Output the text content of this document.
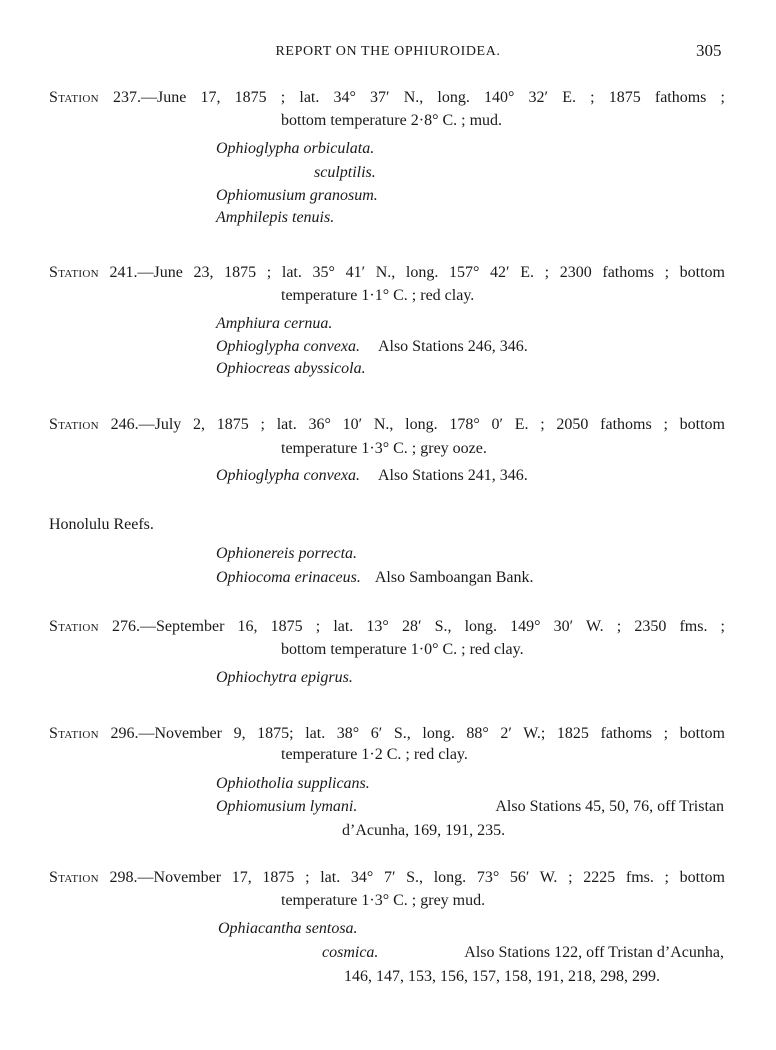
REPORT ON THE OPHIUROIDEA.	305
Station 237.—June 17, 1875 ; lat. 34° 37′ N., long. 140° 32′ E. ; 1875 fathoms ;
bottom temperature 2·8° C. ; mud.
Ophioglypha orbiculata.
sculptilis.
Ophiomusium granosum.
Amphilepis tenuis.
Station 241.—June 23, 1875 ; lat. 35° 41′ N., long. 157° 42′ E. ; 2300 fathoms ; bottom
temperature 1·1° C. ; red clay.
Amphiura cernua.
Ophioglypha convexa. Also Stations 246, 346.
Ophiocreas abyssicola.
Station 246.—July 2, 1875 ; lat. 36° 10′ N., long. 178° 0′ E. ; 2050 fathoms ; bottom
temperature 1·3° C. ; grey ooze.
Ophioglypha convexa. Also Stations 241, 346.
Honolulu Reefs.
Ophionereis porrecta.
Ophiocoma erinaceus. Also Samboangan Bank.
Station 276.—September 16, 1875 ; lat. 13° 28′ S., long. 149° 30′ W. ; 2350 fms. ;
bottom temperature 1·0° C. ; red clay.
Ophiochytra epigrus.
Station 296.—November 9, 1875; lat. 38° 6′ S., long. 88° 2′ W.; 1825 fathoms ; bottom
temperature 1·2 C. ; red clay.
Ophiotholia supplicans.
Ophiomusium lymani.	Also Stations 45, 50, 76, off Tristan
d’Acunha, 169, 191, 235.
Station 298.—November 17, 1875 ; lat. 34° 7′ S., long. 73° 56′ W. ; 2225 fms. ; bottom
temperature 1·3° C. ; grey mud.
Ophiacantha sentosa.
cosmica.	Also Stations 122, off Tristan d’Acunha,
146, 147, 153, 156, 157, 158, 191, 218, 298, 299.
